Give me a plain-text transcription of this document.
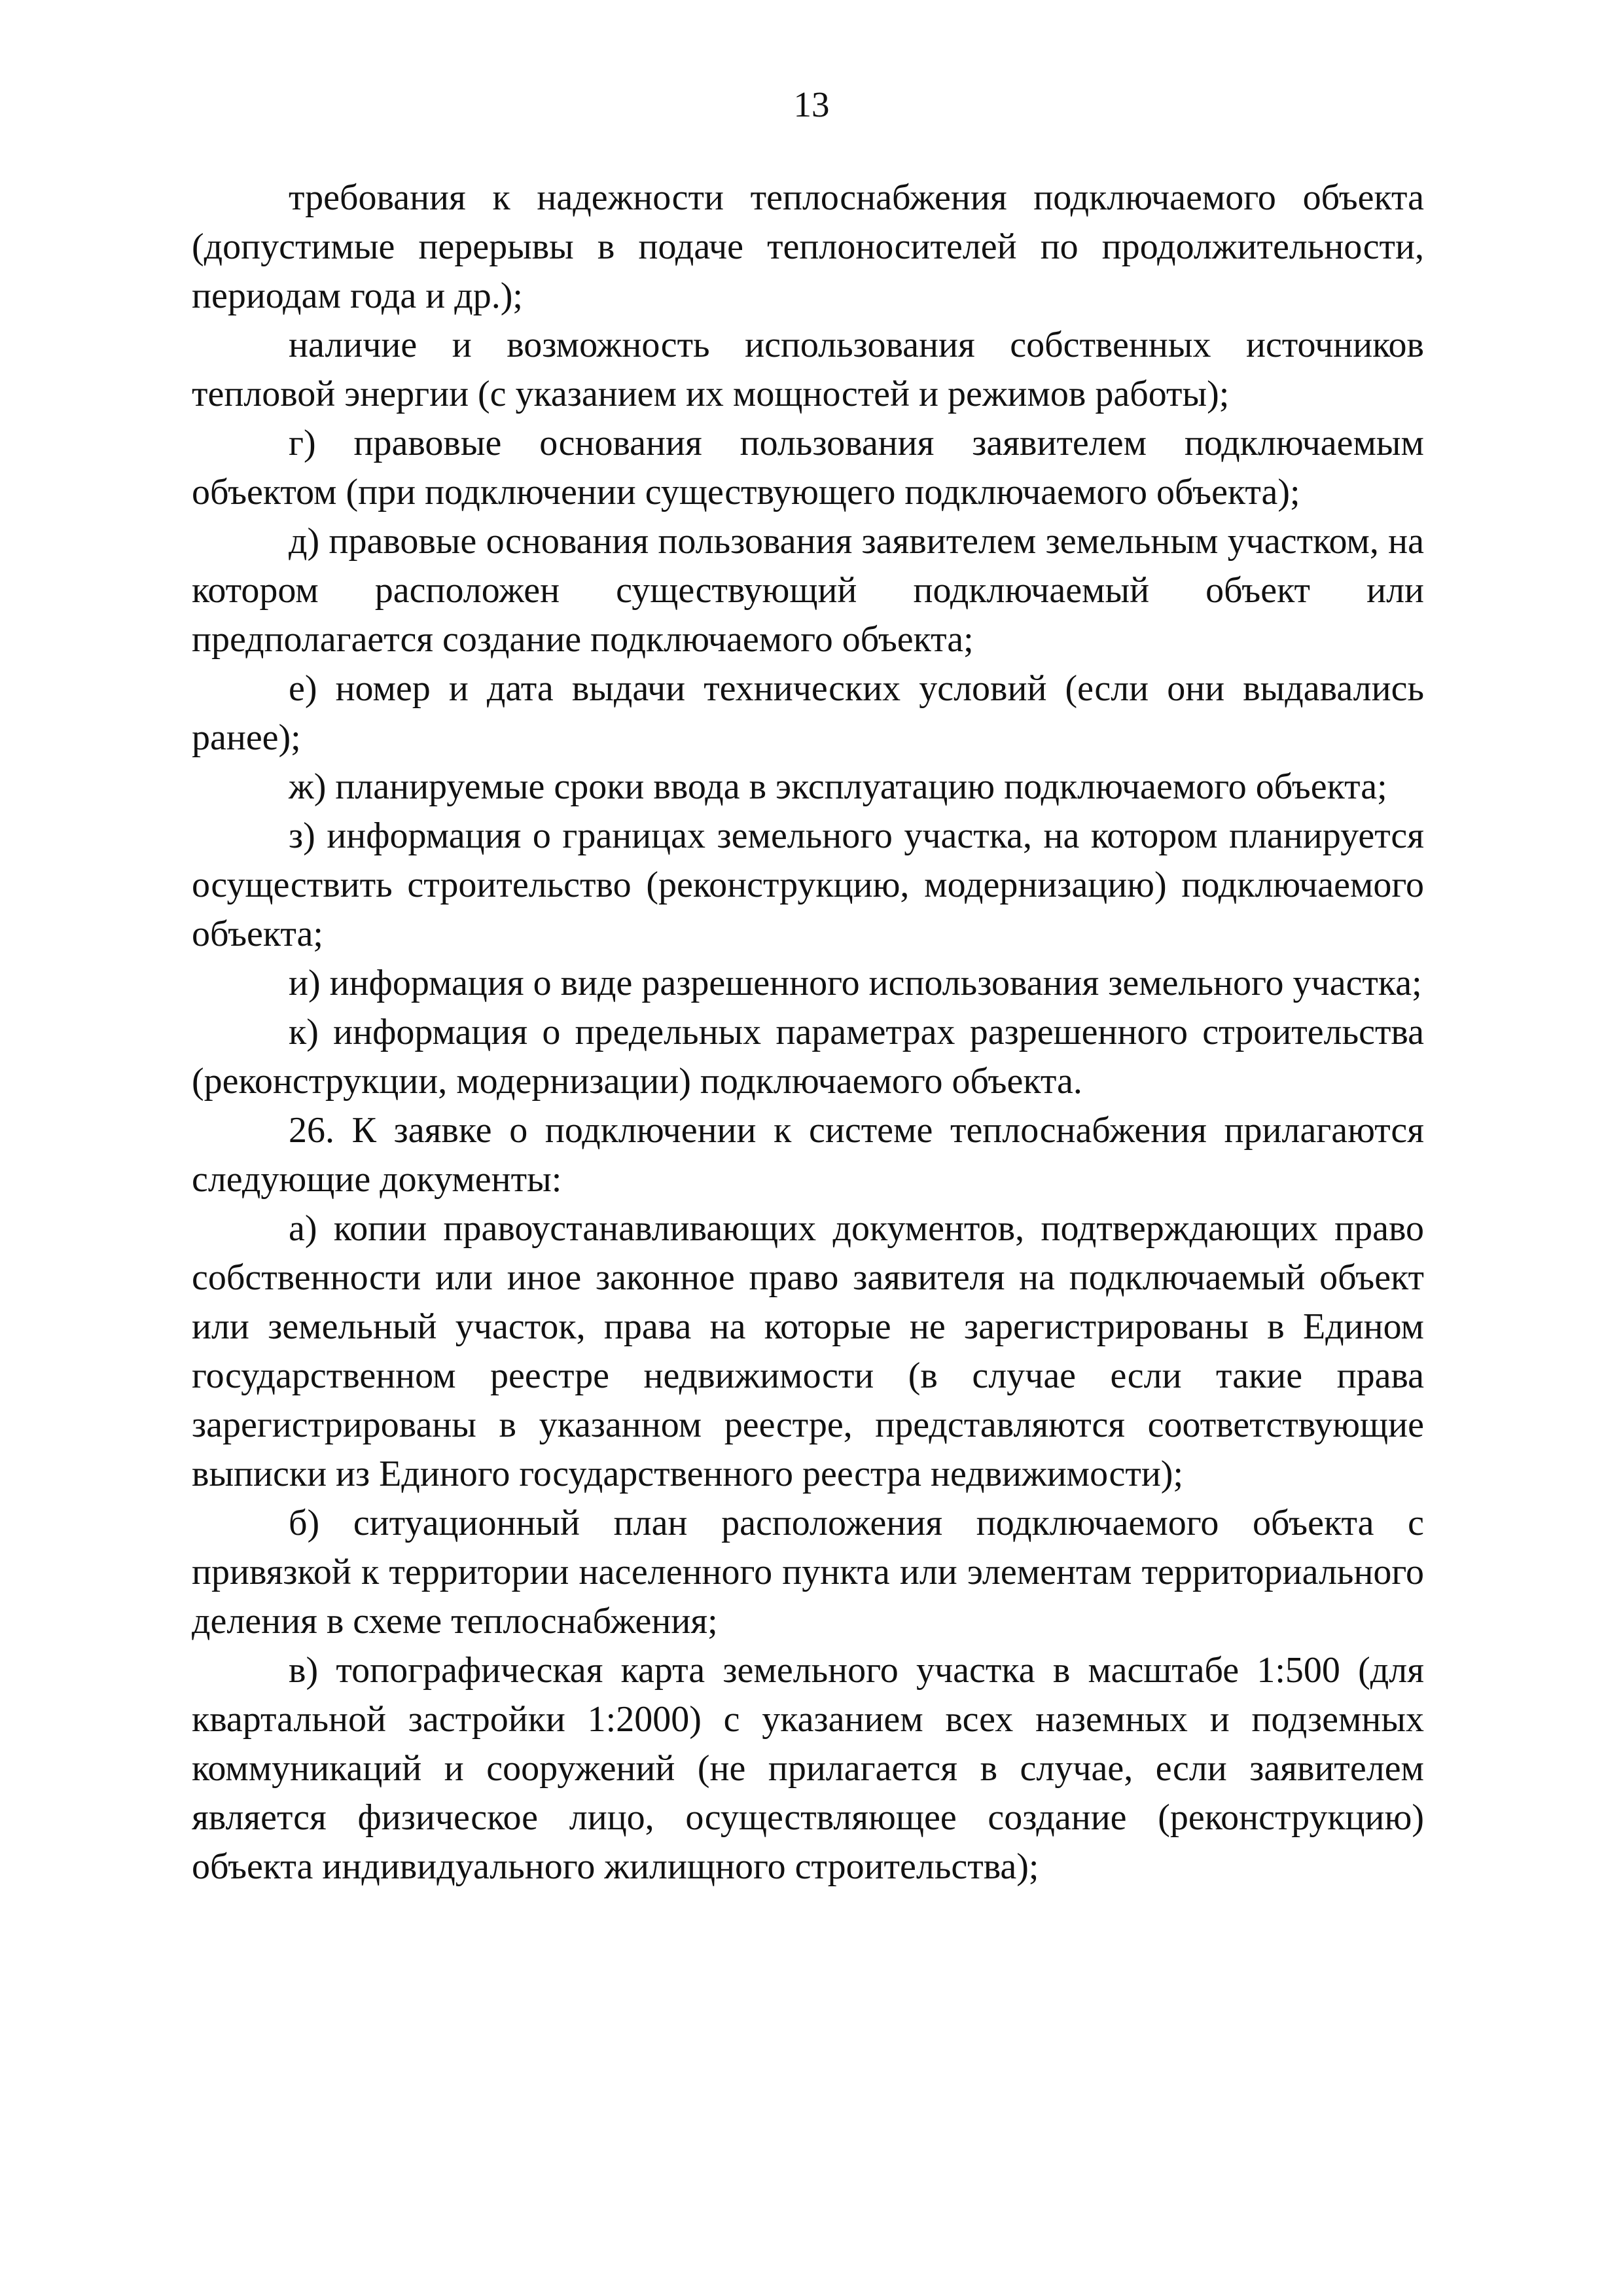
13

требования к надежности теплоснабжения подключаемого объекта (допустимые перерывы в подаче теплоносителей по продолжительности, периодам года и др.);

наличие и возможность использования собственных источников тепловой энергии (с указанием их мощностей и режимов работы);

г) правовые основания пользования заявителем подключаемым объектом (при подключении существующего подключаемого объекта);

д) правовые основания пользования заявителем земельным участком, на котором расположен существующий подключаемый объект или предполагается создание подключаемого объекта;

е) номер и дата выдачи технических условий (если они выдавались ранее);

ж) планируемые сроки ввода в эксплуатацию подключаемого объекта;

з) информация о границах земельного участка, на котором планируется осуществить строительство (реконструкцию, модернизацию) подключаемого объекта;

и) информация о виде разрешенного использования земельного участка;

к) информация о предельных параметрах разрешенного строительства (реконструкции, модернизации) подключаемого объекта.

26. К заявке о подключении к системе теплоснабжения прилагаются следующие документы:

а) копии правоустанавливающих документов, подтверждающих право собственности или иное законное право заявителя на подключаемый объект или земельный участок, права на которые не зарегистрированы в Едином государственном реестре недвижимости (в случае если такие права зарегистрированы в указанном реестре, представляются соответствующие выписки из Единого государственного реестра недвижимости);

б) ситуационный план расположения подключаемого объекта с привязкой к территории населенного пункта или элементам территориального деления в схеме теплоснабжения;

в) топографическая карта земельного участка в масштабе 1:500 (для квартальной застройки 1:2000) с указанием всех наземных и подземных коммуникаций и сооружений (не прилагается в случае, если заявителем является физическое лицо, осуществляющее создание (реконструкцию) объекта индивидуального жилищного строительства);
